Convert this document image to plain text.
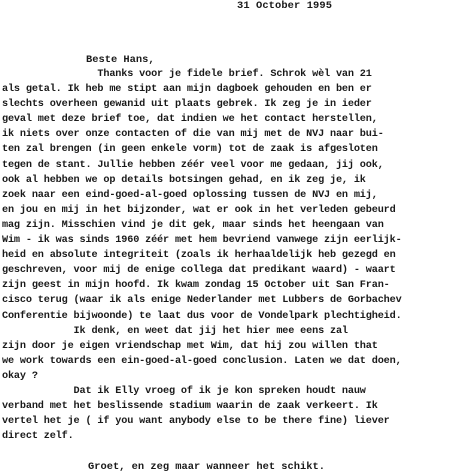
31 October 1995
Beste Hans,
Thanks voor je fidele brief. Schrok wèl van 21
als getal. Ik heb me stipt aan mijn dagboek gehouden en ben er
slechts overheen gewanid uit plaats gebrek. Ik zeg je in ieder
geval met deze brief toe, dat indien we het contact herstellen,
ik niets over onze contacten of die van mij met de NVJ naar bui-
ten zal brengen (in geen enkele vorm) tot de zaak is afgesloten
tegen de stant. Jullie hebben zéér veel voor me gedaan, jij ook,
ook al hebben we op details botsingen gehad, en ik zeg je, ik
zoek naar een eind-goed-al-goed oplossing tussen de NVJ en mij,
en jou en mij in het bijzonder, wat er ook in het verleden gebeurd
mag zijn. Misschien vind je dit gek, maar sinds het heengaan van
Wim - ik was sinds 1960 zéér met hem bevriend vanwege zijn eerlijk-
heid en absolute integriteit (zoals ik herhaaldelijk heb gezegd en
geschreven, voor mij de enige collega dat predikant waard) - waart
zijn geest in mijn hoofd. Ik kwam zondag 15 October uit San Fran-
cisco terug (waar ik als enige Nederlander met Lubbers de Gorbachev
Conferentie bijwoonde) te laat dus voor de Vondelpark plechtigheid.
Ik denk, en weet dat jij het hier mee eens zal
zijn door je eigen vriendschap met Wim, dat hij zou willen that
we work towards een ein-goed-al-goed conclusion. Laten we dat doen,
okay ?
Dat ik Elly vroeg of ik je kon spreken houdt nauw
verband met het beslissende stadium waarin de zaak verkeert. Ik
vertel het je ( if you want anybody else to be there fine) liever
direct zelf.
Groet, en zeg maar wanneer het schikt.
